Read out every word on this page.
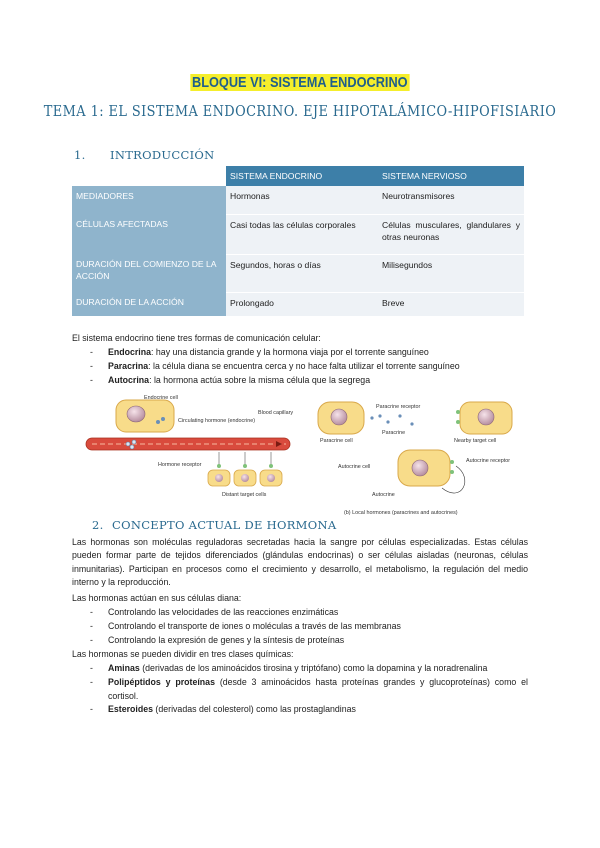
BLOQUE VI: SISTEMA ENDOCRINO
TEMA 1: EL SISTEMA ENDOCRINO. EJE HIPOTALÁMICO-HIPOFISIARIO
1. INTRODUCCIÓN
	SISTEMA ENDOCRINO	SISTEMA NERVIOSO
MEDIADORES	Hormonas	Neurotransmisores
CÉLULAS AFECTADAS	Casi todas las células corporales	Células musculares, glandulares y otras neuronas
DURACIÓN DEL COMIENZO DE LA ACCIÓN	Segundos, horas o días	Milisegundos
DURACIÓN DE LA ACCIÓN	Prolongado	Breve
El sistema endocrino tiene tres formas de comunicación celular:
- Endocrina: hay una distancia grande y la hormona viaja por el torrente sanguíneo
- Paracrina: la célula diana se encuentra cerca y no hace falta utilizar el torrente sanguíneo
- Autocrina: la hormona actúa sobre la misma célula que la segrega
Endocrine cell
Circulating hormone (endocrine)
Blood capillary
Hormone receptor
Distant target cells
Paracrine cell
Paracrine receptor
Paracrine
Nearby target cell
Autocrine cell
Autocrine receptor
Autocrine
(b) Local hormones (paracrines and autocrines)
2. CONCEPTO ACTUAL DE HORMONA
Las hormonas son moléculas reguladoras secretadas hacia la sangre por células especializadas. Estas células pueden formar parte de tejidos diferenciados (glándulas endocrinas) o ser células aisladas (neuronas, células inmunitarias). Participan en procesos como el crecimiento y desarrollo, el metabolismo, la regulación del medio interno y la reproducción.
Las hormonas actúan en sus células diana:
- Controlando las velocidades de las reacciones enzimáticas
- Controlando el transporte de iones o moléculas a través de las membranas
- Controlando la expresión de genes y la síntesis de proteínas
Las hormonas se pueden dividir en tres clases químicas:
- Aminas (derivadas de los aminoácidos tirosina y triptófano) como la dopamina y la noradrenalina
- Polipéptidos y proteínas (desde 3 aminoácidos hasta proteínas grandes y glucoproteínas) como el cortisol.
- Esteroides (derivadas del colesterol) como las prostaglandinas
